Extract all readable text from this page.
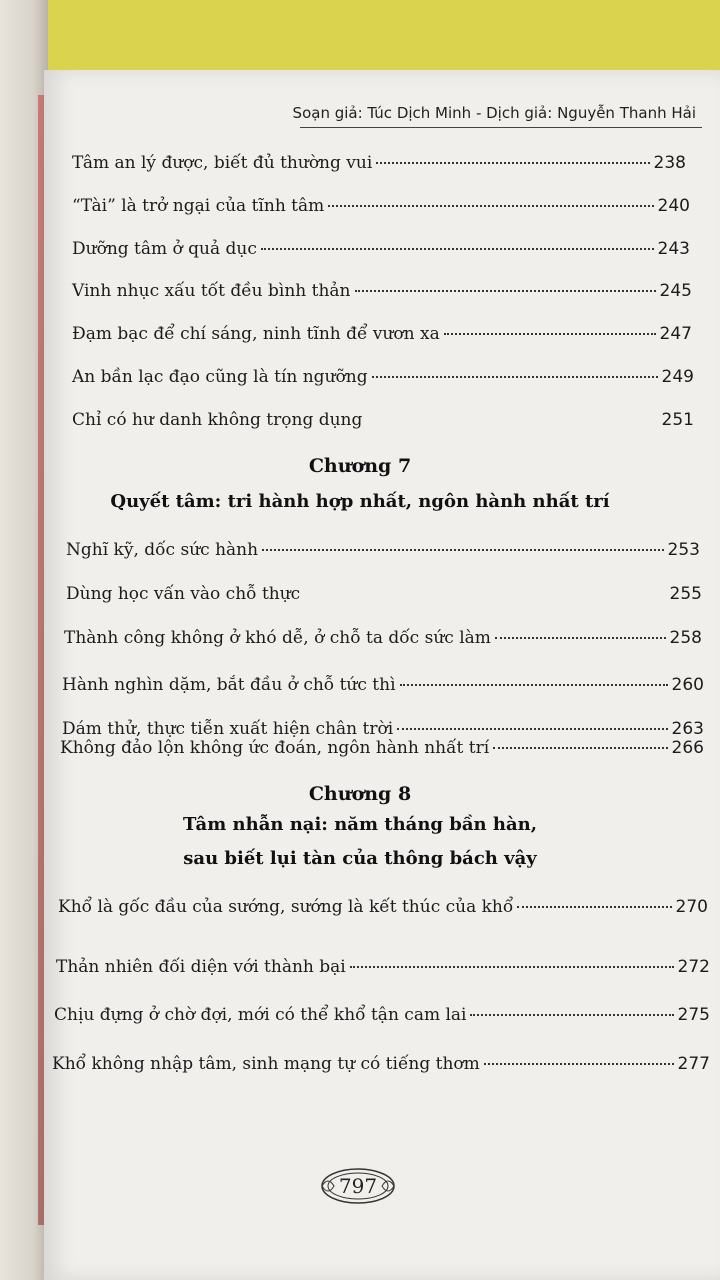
Soạn giả: Túc Dịch Minh - Dịch giả: Nguyễn Thanh Hải
Tâm an lý được, biết đủ thường vui	238
“Tài” là trở ngại của tĩnh tâm	240
Dưỡng tâm ở quả dục	243
Vinh nhục xấu tốt đều bình thản	245
Đạm bạc để chí sáng, ninh tĩnh để vươn xa	247
An bần lạc đạo cũng là tín ngưỡng	249
Chỉ có hư danh không trọng dụng	251
Chương 7
Quyết tâm: tri hành hợp nhất, ngôn hành nhất trí
Nghĩ kỹ, dốc sức hành	253
Dùng học vấn vào chỗ thực	255
Thành công không ở khó dễ, ở chỗ ta dốc sức làm	258
Hành nghìn dặm, bắt đầu ở chỗ tức thì	260
Dám thử, thực tiễn xuất hiện chân trời	263
Không đảo lộn không ức đoán, ngôn hành nhất trí	266
Chương 8
Tâm nhẫn nại: năm tháng bần hàn,
sau biết lụi tàn của thông bách vậy
Khổ là gốc đầu của sướng, sướng là kết thúc của khổ	270
Thản nhiên đối diện với thành bại	272
Chịu đựng ở chờ đợi, mới có thể khổ tận cam lai	275
Khổ không nhập tâm, sinh mạng tự có tiếng thơm	277
797
